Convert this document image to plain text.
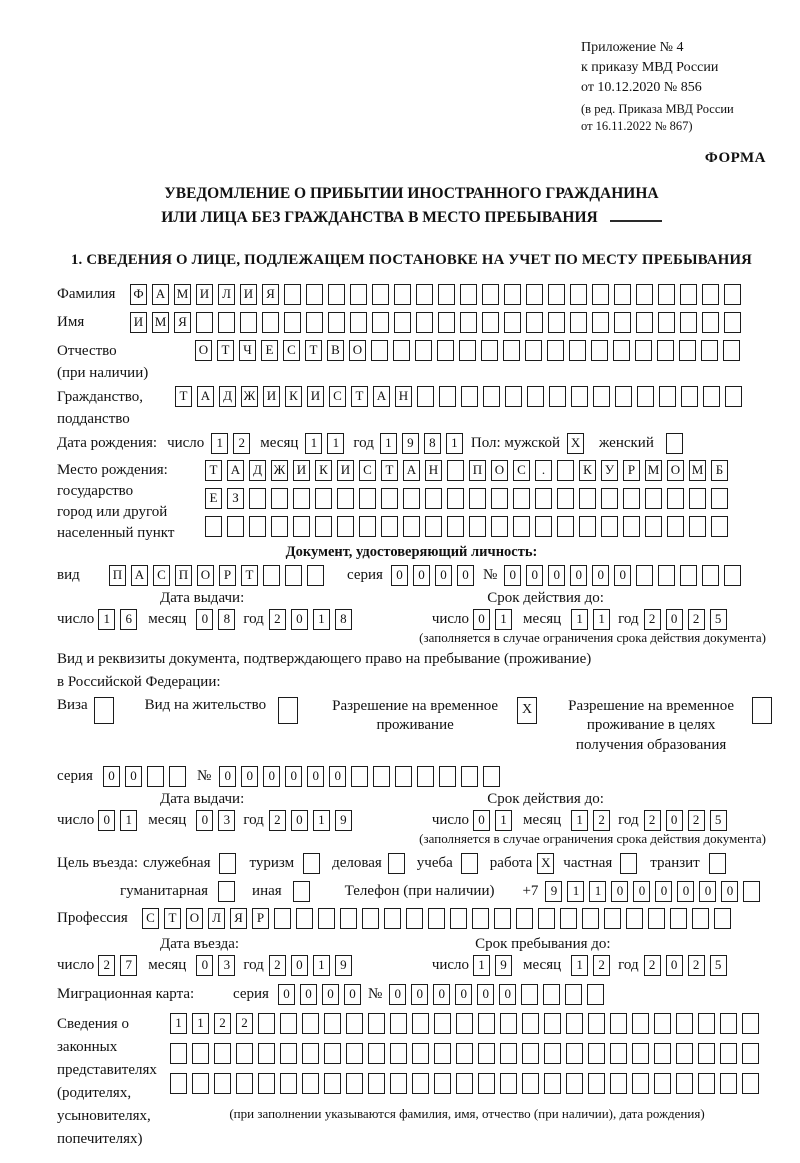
Приложение № 4
к приказу МВД России
от 10.12.2020 № 856
(в ред. Приказа МВД России
от 16.11.2022 № 867)
ФОРМА
УВЕДОМЛЕНИЕ О ПРИБЫТИИ ИНОСТРАННОГО ГРАЖДАНИНА
ИЛИ ЛИЦА БЕЗ ГРАЖДАНСТВА В МЕСТО ПРЕБЫВАНИЯ
1. СВЕДЕНИЯ О ЛИЦЕ, ПОДЛЕЖАЩЕМ ПОСТАНОВКЕ НА УЧЕТ ПО МЕСТУ ПРЕБЫВАНИЯ
Фамилия	Ф А М И Л И Я
Имя	И М Я
Отчество
(при наличии)
О Т Ч Е С Т В О
Гражданство,
подданство
Т А Д Ж И К И С Т А Н
Дата рождения: число 1 2	месяц 1 1 год 1 9 8 1 Пол: мужской X	женский
Место рождения:
государство
город или другой
населенный пункт
Т А Д Ж И К И С Т А Н	П О С .	К У Р М О М Б
Е З
Документ, удостоверяющий личность:
вид	П А С П О Р Т	серия	0 0 0 0 № 0 0 0 0 0 0
Дата выдачи:	Срок действия до:
число 1 6	месяц	0 8 год 2 0 1 8	число 0 1	месяц	1 1 год 2 0 2 5
(заполняется в случае ограничения срока действия документа)
Вид и реквизиты документа, подтверждающего право на пребывание (проживание)
в Российской Федерации:
Виза	Вид на жительство	Разрешение на временное проживание
X	Разрешение на временное проживание в целях получения образования
серия	0 0	№	0 0 0 0 0 0
Дата выдачи:	Срок действия до:
число 0 1	месяц	0 3 год 2 0 1 9	число 0 1	месяц	1 2 год 2 0 2 5
(заполняется в случае ограничения срока действия документа)
Цель въезда: служебная	туризм	деловая учеба работа X частная	транзит
гуманитарная	иная	Телефон (при наличии) +7 9 1 1 0 0 0 0 0 0
Профессия	С Т О Л Я Р
Дата въезда:	Срок пребывания до:
число 2 7	месяц	0 3 год 2 0 1 9	число 1 9	месяц	1 2 год 2 0 2 5
Миграционная карта:	серия	0 0 0 0 № 0 0 0 0 0 0
Сведения о
законных
представителях
(родителях,
усыновителях,
попечителях)
1 1 2 2
(при заполнении указываются фамилия, имя, отчество (при наличии), дата рождения)
